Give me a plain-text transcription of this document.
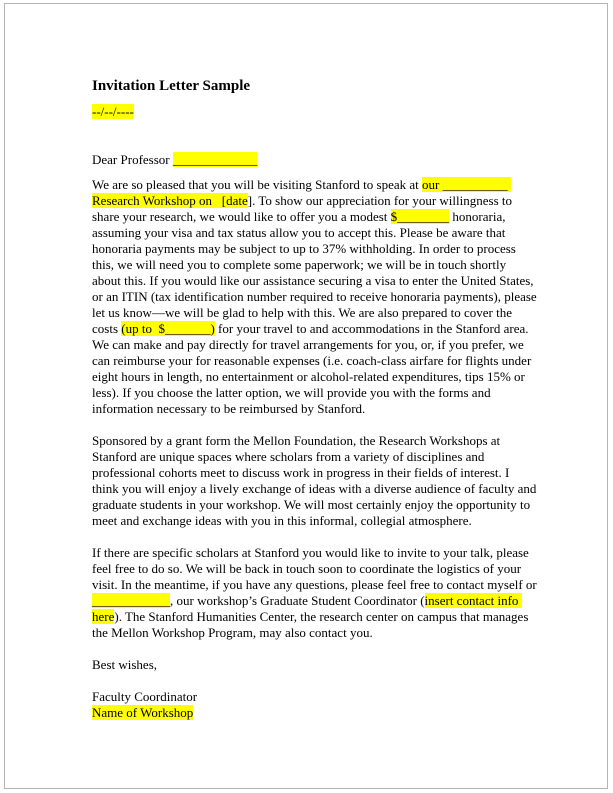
Invitation Letter Sample
--/--/----

Dear Professor _____________

We are so pleased that you will be visiting Stanford to speak at our __________ Research Workshop on   [date]. To show our appreciation for your willingness to share your research, we would like to offer you a modest $________ honoraria, assuming your visa and tax status allow you to accept this. Please be aware that honoraria payments may be subject to up to 37% withholding. In order to process this, we will need you to complete some paperwork; we will be in touch shortly about this. If you would like our assistance securing a visa to enter the United States, or an ITIN (tax identification number required to receive honoraria payments), please let us know—we will be glad to help with this. We are also prepared to cover the costs (up to  $_______) for your travel to and accommodations in the Stanford area. We can make and pay directly for travel arrangements for you, or, if you prefer, we can reimburse your for reasonable expenses (i.e. coach-class airfare for flights under eight hours in length, no entertainment or alcohol-related expenditures, tips 15% or less). If you choose the latter option, we will provide you with the forms and information necessary to be reimbursed by Stanford.

Sponsored by a grant form the Mellon Foundation, the Research Workshops at Stanford are unique spaces where scholars from a variety of disciplines and professional cohorts meet to discuss work in progress in their fields of interest. I think you will enjoy a lively exchange of ideas with a diverse audience of faculty and graduate students in your workshop. We will most certainly enjoy the opportunity to meet and exchange ideas with you in this informal, collegial atmosphere.

If there are specific scholars at Stanford you would like to invite to your talk, please feel free to do so. We will be back in touch soon to coordinate the logistics of your visit. In the meantime, if you have any questions, please feel free to contact myself or ____________, our workshop’s Graduate Student Coordinator (insert contact info here). The Stanford Humanities Center, the research center on campus that manages the Mellon Workshop Program, may also contact you.

Best wishes,

Faculty Coordinator
Name of Workshop
